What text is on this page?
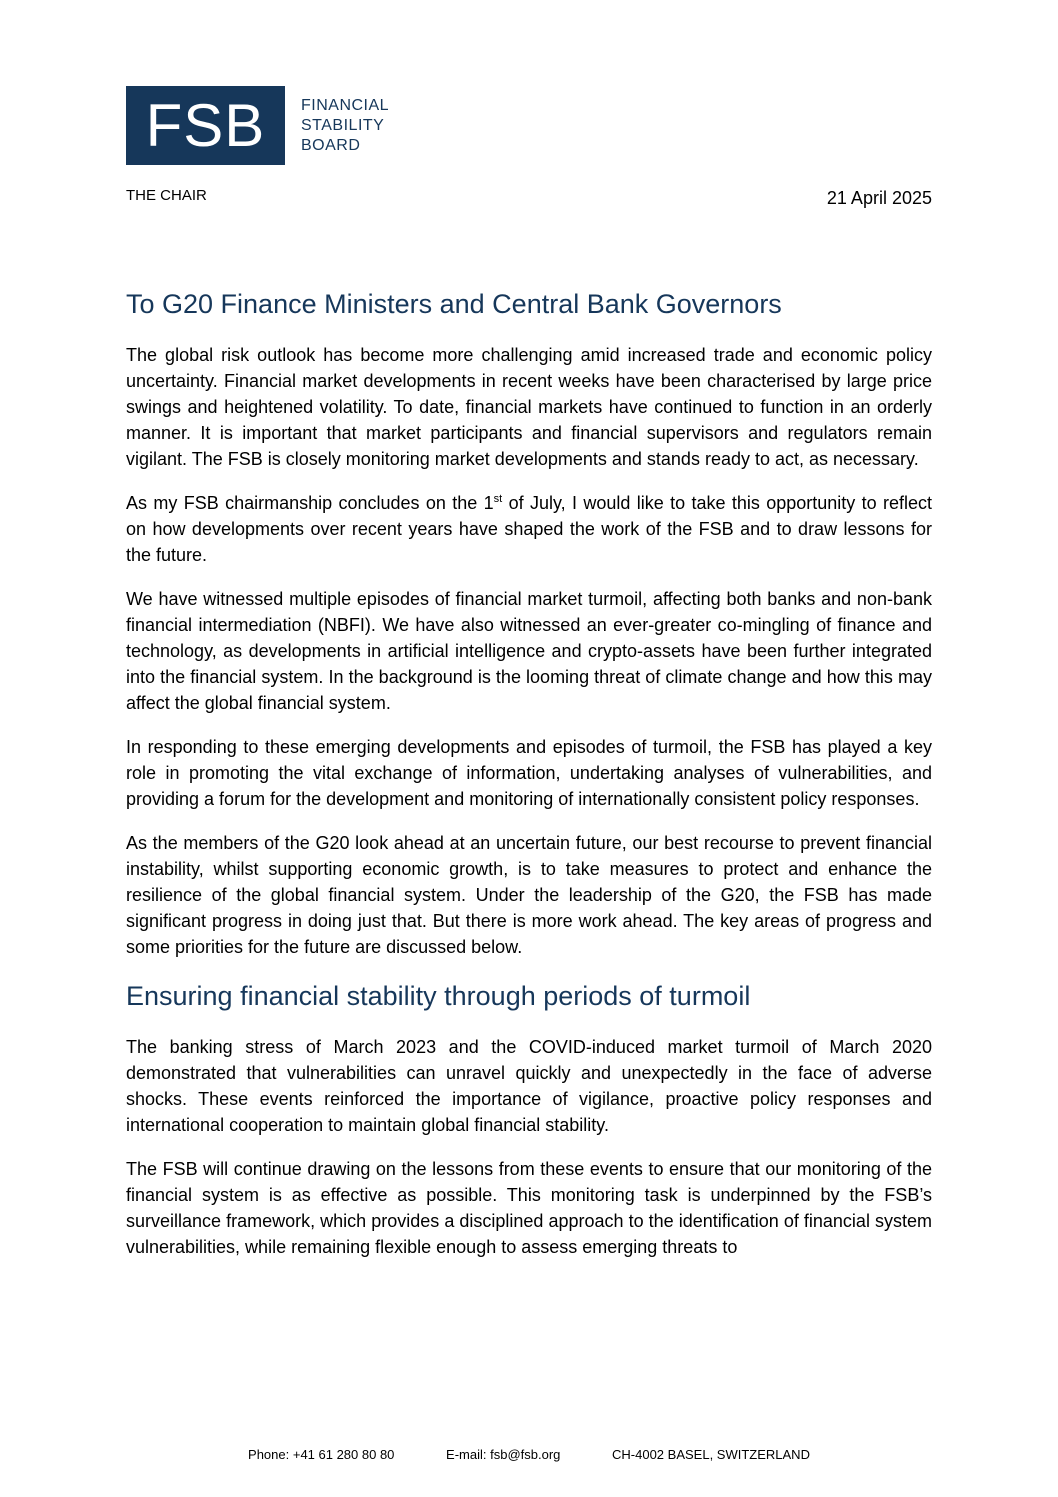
FSB	FINANCIAL
STABILITY
BOARD
THE CHAIR	21 April 2025
To G20 Finance Ministers and Central Bank Governors

The global risk outlook has become more challenging amid increased trade and economic policy uncertainty. Financial market developments in recent weeks have been characterised by large price swings and heightened volatility. To date, financial markets have continued to function in an orderly manner. It is important that market participants and financial supervisors and regulators remain vigilant. The FSB is closely monitoring market developments and stands ready to act, as necessary.

As my FSB chairmanship concludes on the 1st of July, I would like to take this opportunity to reflect on how developments over recent years have shaped the work of the FSB and to draw lessons for the future.

We have witnessed multiple episodes of financial market turmoil, affecting both banks and non-bank financial intermediation (NBFI). We have also witnessed an ever-greater co-mingling of finance and technology, as developments in artificial intelligence and crypto-assets have been further integrated into the financial system. In the background is the looming threat of climate change and how this may affect the global financial system.

In responding to these emerging developments and episodes of turmoil, the FSB has played a key role in promoting the vital exchange of information, undertaking analyses of vulnerabilities, and providing a forum for the development and monitoring of internationally consistent policy responses.

As the members of the G20 look ahead at an uncertain future, our best recourse to prevent financial instability, whilst supporting economic growth, is to take measures to protect and enhance the resilience of the global financial system. Under the leadership of the G20, the FSB has made significant progress in doing just that. But there is more work ahead. The key areas of progress and some priorities for the future are discussed below.

Ensuring financial stability through periods of turmoil

The banking stress of March 2023 and the COVID-induced market turmoil of March 2020 demonstrated that vulnerabilities can unravel quickly and unexpectedly in the face of adverse shocks. These events reinforced the importance of vigilance, proactive policy responses and international cooperation to maintain global financial stability.

The FSB will continue drawing on the lessons from these events to ensure that our monitoring of the financial system is as effective as possible. This monitoring task is underpinned by the FSB’s surveillance framework, which provides a disciplined approach to the identification of financial system vulnerabilities, while remaining flexible enough to assess emerging threats to

Phone: +41 61 280 80 80	E-mail: fsb@fsb.org	CH-4002 BASEL, SWITZERLAND
